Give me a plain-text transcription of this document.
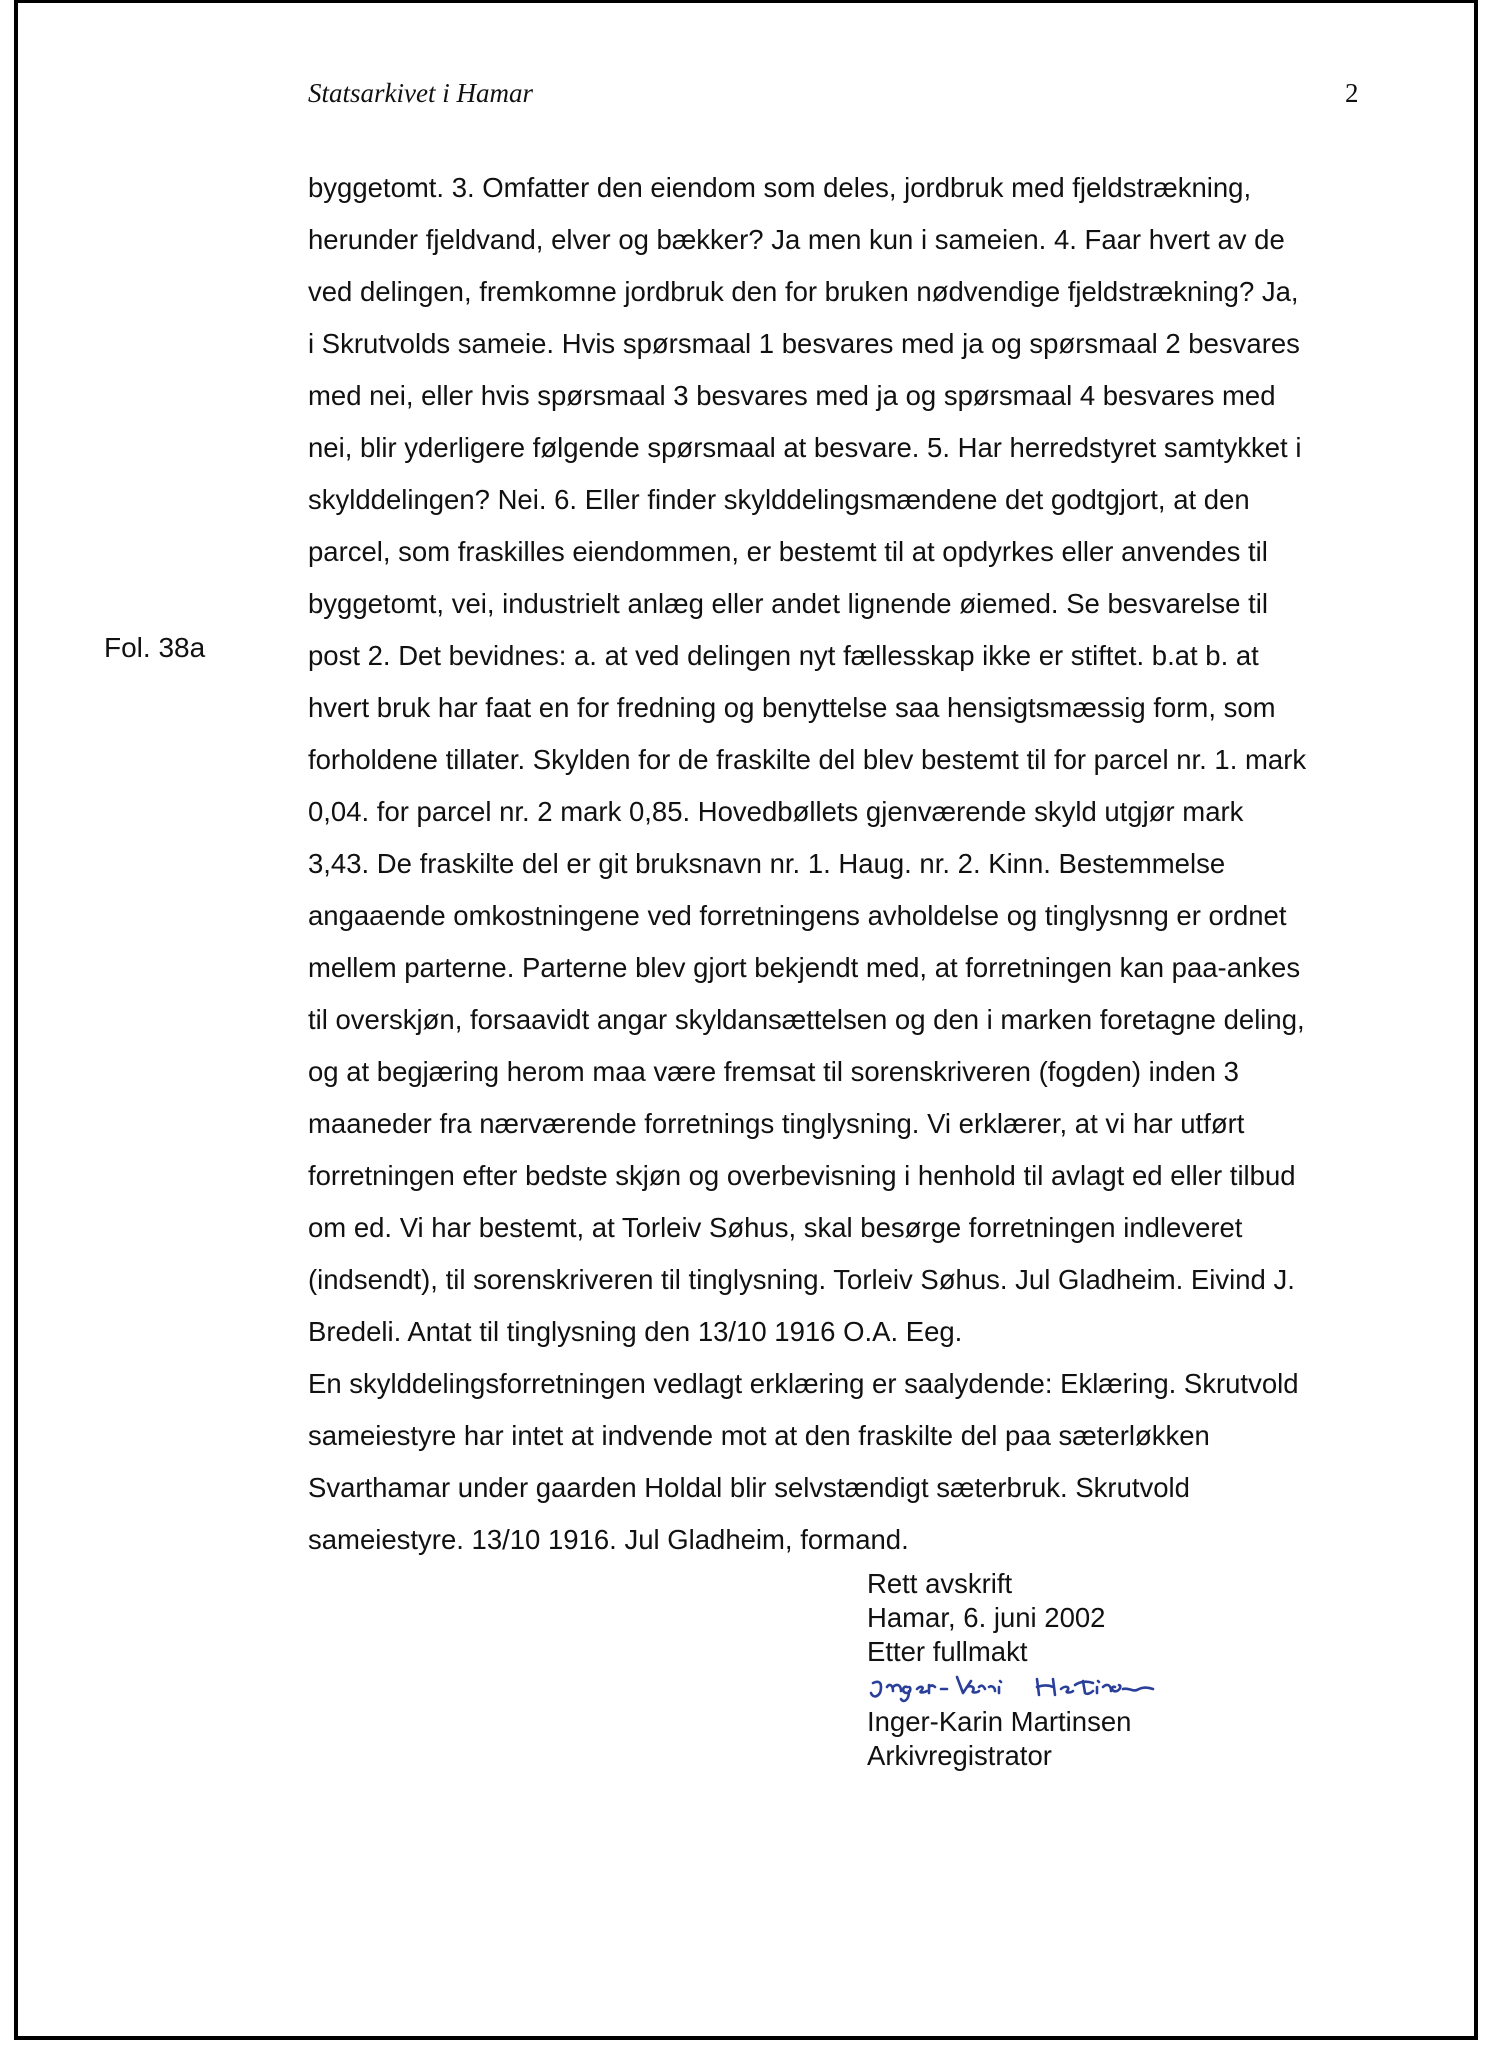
Statsarkivet i Hamar	2
Fol. 38a
byggetomt. 3. Omfatter den eiendom som deles, jordbruk med fjeldstrækning,
herunder fjeldvand, elver og bækker? Ja men kun i sameien. 4. Faar hvert av de
ved delingen, fremkomne jordbruk den for bruken nødvendige fjeldstrækning? Ja,
i Skrutvolds sameie. Hvis spørsmaal 1 besvares med ja og spørsmaal 2 besvares
med nei, eller hvis spørsmaal 3 besvares med ja og spørsmaal 4 besvares med
nei, blir yderligere følgende spørsmaal at besvare. 5. Har herredstyret samtykket i
skylddelingen? Nei. 6. Eller finder skylddelingsmændene det godtgjort, at den
parcel, som fraskilles eiendommen, er bestemt til at opdyrkes eller anvendes til
byggetomt, vei, industrielt anlæg eller andet lignende øiemed. Se besvarelse til
post 2. Det bevidnes: a. at ved delingen nyt fællesskap ikke er stiftet. b.at b. at
hvert bruk har faat en for fredning og benyttelse saa hensigtsmæssig form, som
forholdene tillater. Skylden for de fraskilte del blev bestemt til for parcel nr. 1. mark
0,04. for parcel nr. 2 mark 0,85. Hovedbøllets gjenværende skyld utgjør mark
3,43. De fraskilte del er git bruksnavn nr. 1. Haug. nr. 2. Kinn. Bestemmelse
angaaende omkostningene ved forretningens avholdelse og tinglysnng er ordnet
mellem parterne. Parterne blev gjort bekjendt med, at forretningen kan paa-ankes
til overskjøn, forsaavidt angar skyldansættelsen og den i marken foretagne deling,
og at begjæring herom maa være fremsat til sorenskriveren (fogden) inden 3
maaneder fra nærværende forretnings tinglysning. Vi erklærer, at vi har utført
forretningen efter bedste skjøn og overbevisning i henhold til avlagt ed eller tilbud
om ed. Vi har bestemt, at Torleiv Søhus, skal besørge forretningen indleveret
(indsendt), til sorenskriveren til tinglysning. Torleiv Søhus. Jul Gladheim. Eivind J.
Bredeli. Antat til tinglysning den 13/10 1916 O.A. Eeg.
En skylddelingsforretningen vedlagt erklæring er saalydende: Eklæring. Skrutvold
sameiestyre har intet at indvende mot at den fraskilte del paa sæterløkken
Svarthamar under gaarden Holdal blir selvstændigt sæterbruk. Skrutvold
sameiestyre. 13/10 1916. Jul Gladheim, formand.
Rett avskrift
Hamar, 6. juni 2002
Etter fullmakt
Inger-Karin Martinsen
Arkivregistrator
